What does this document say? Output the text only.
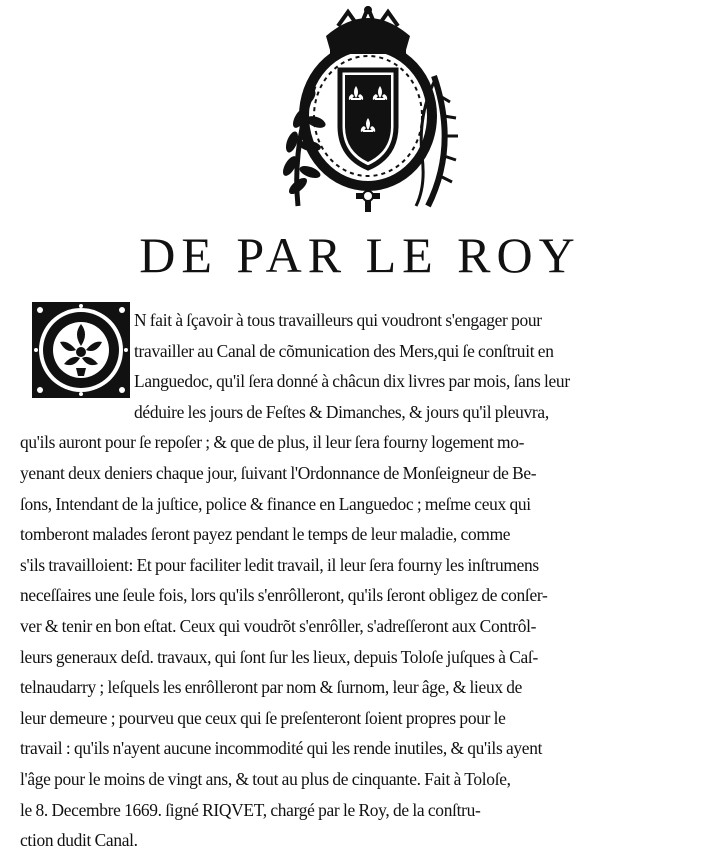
DE PAR LE ROY
N fait à ſçavoir à tous travailleurs qui voudront s'engager pour
travailler au Canal de cõmunication des Mers,qui ſe conſtruit en
Languedoc, qu'il ſera donné à châcun dix livres par mois, ſans leur
déduire les jours de Feſtes & Dimanches, & jours qu'il pleuvra,
qu'ils auront pour ſe repoſer ; & que de plus, il leur ſera fourny logement mo-
yenant deux deniers chaque jour, ſuivant l'Ordonnance de Monſeigneur de Be-
ſons, Intendant de la juſtice, police & finance en Languedoc ; meſme ceux qui
tomberont malades ſeront payez pendant le temps de leur maladie, comme
s'ils travailloient: Et pour faciliter ledit travail, il leur ſera fourny les inſtrumens
neceſſaires une ſeule fois, lors qu'ils s'enrôlleront, qu'ils ſeront obligez de conſer-
ver & tenir en bon eſtat. Ceux qui voudrõt s'enrôller, s'adreſſeront aux Contrôl-
leurs generaux deſd. travaux, qui ſont ſur les lieux, depuis Toloſe juſques à Caſ-
telnaudarry ; leſquels les enrôlleront par nom & ſurnom, leur âge, & lieux de
leur demeure ; pourveu que ceux qui ſe preſenteront ſoient propres pour le
travail : qu'ils n'ayent aucune incommodité qui les rende inutiles, & qu'ils ayent
l'âge pour le moins de vingt ans, & tout au plus de cinquante. Fait à Toloſe,
le 8. Decembre 1669. ſigné RIQVET, chargé par le Roy, de la conſtru-
ction dudit Canal.
